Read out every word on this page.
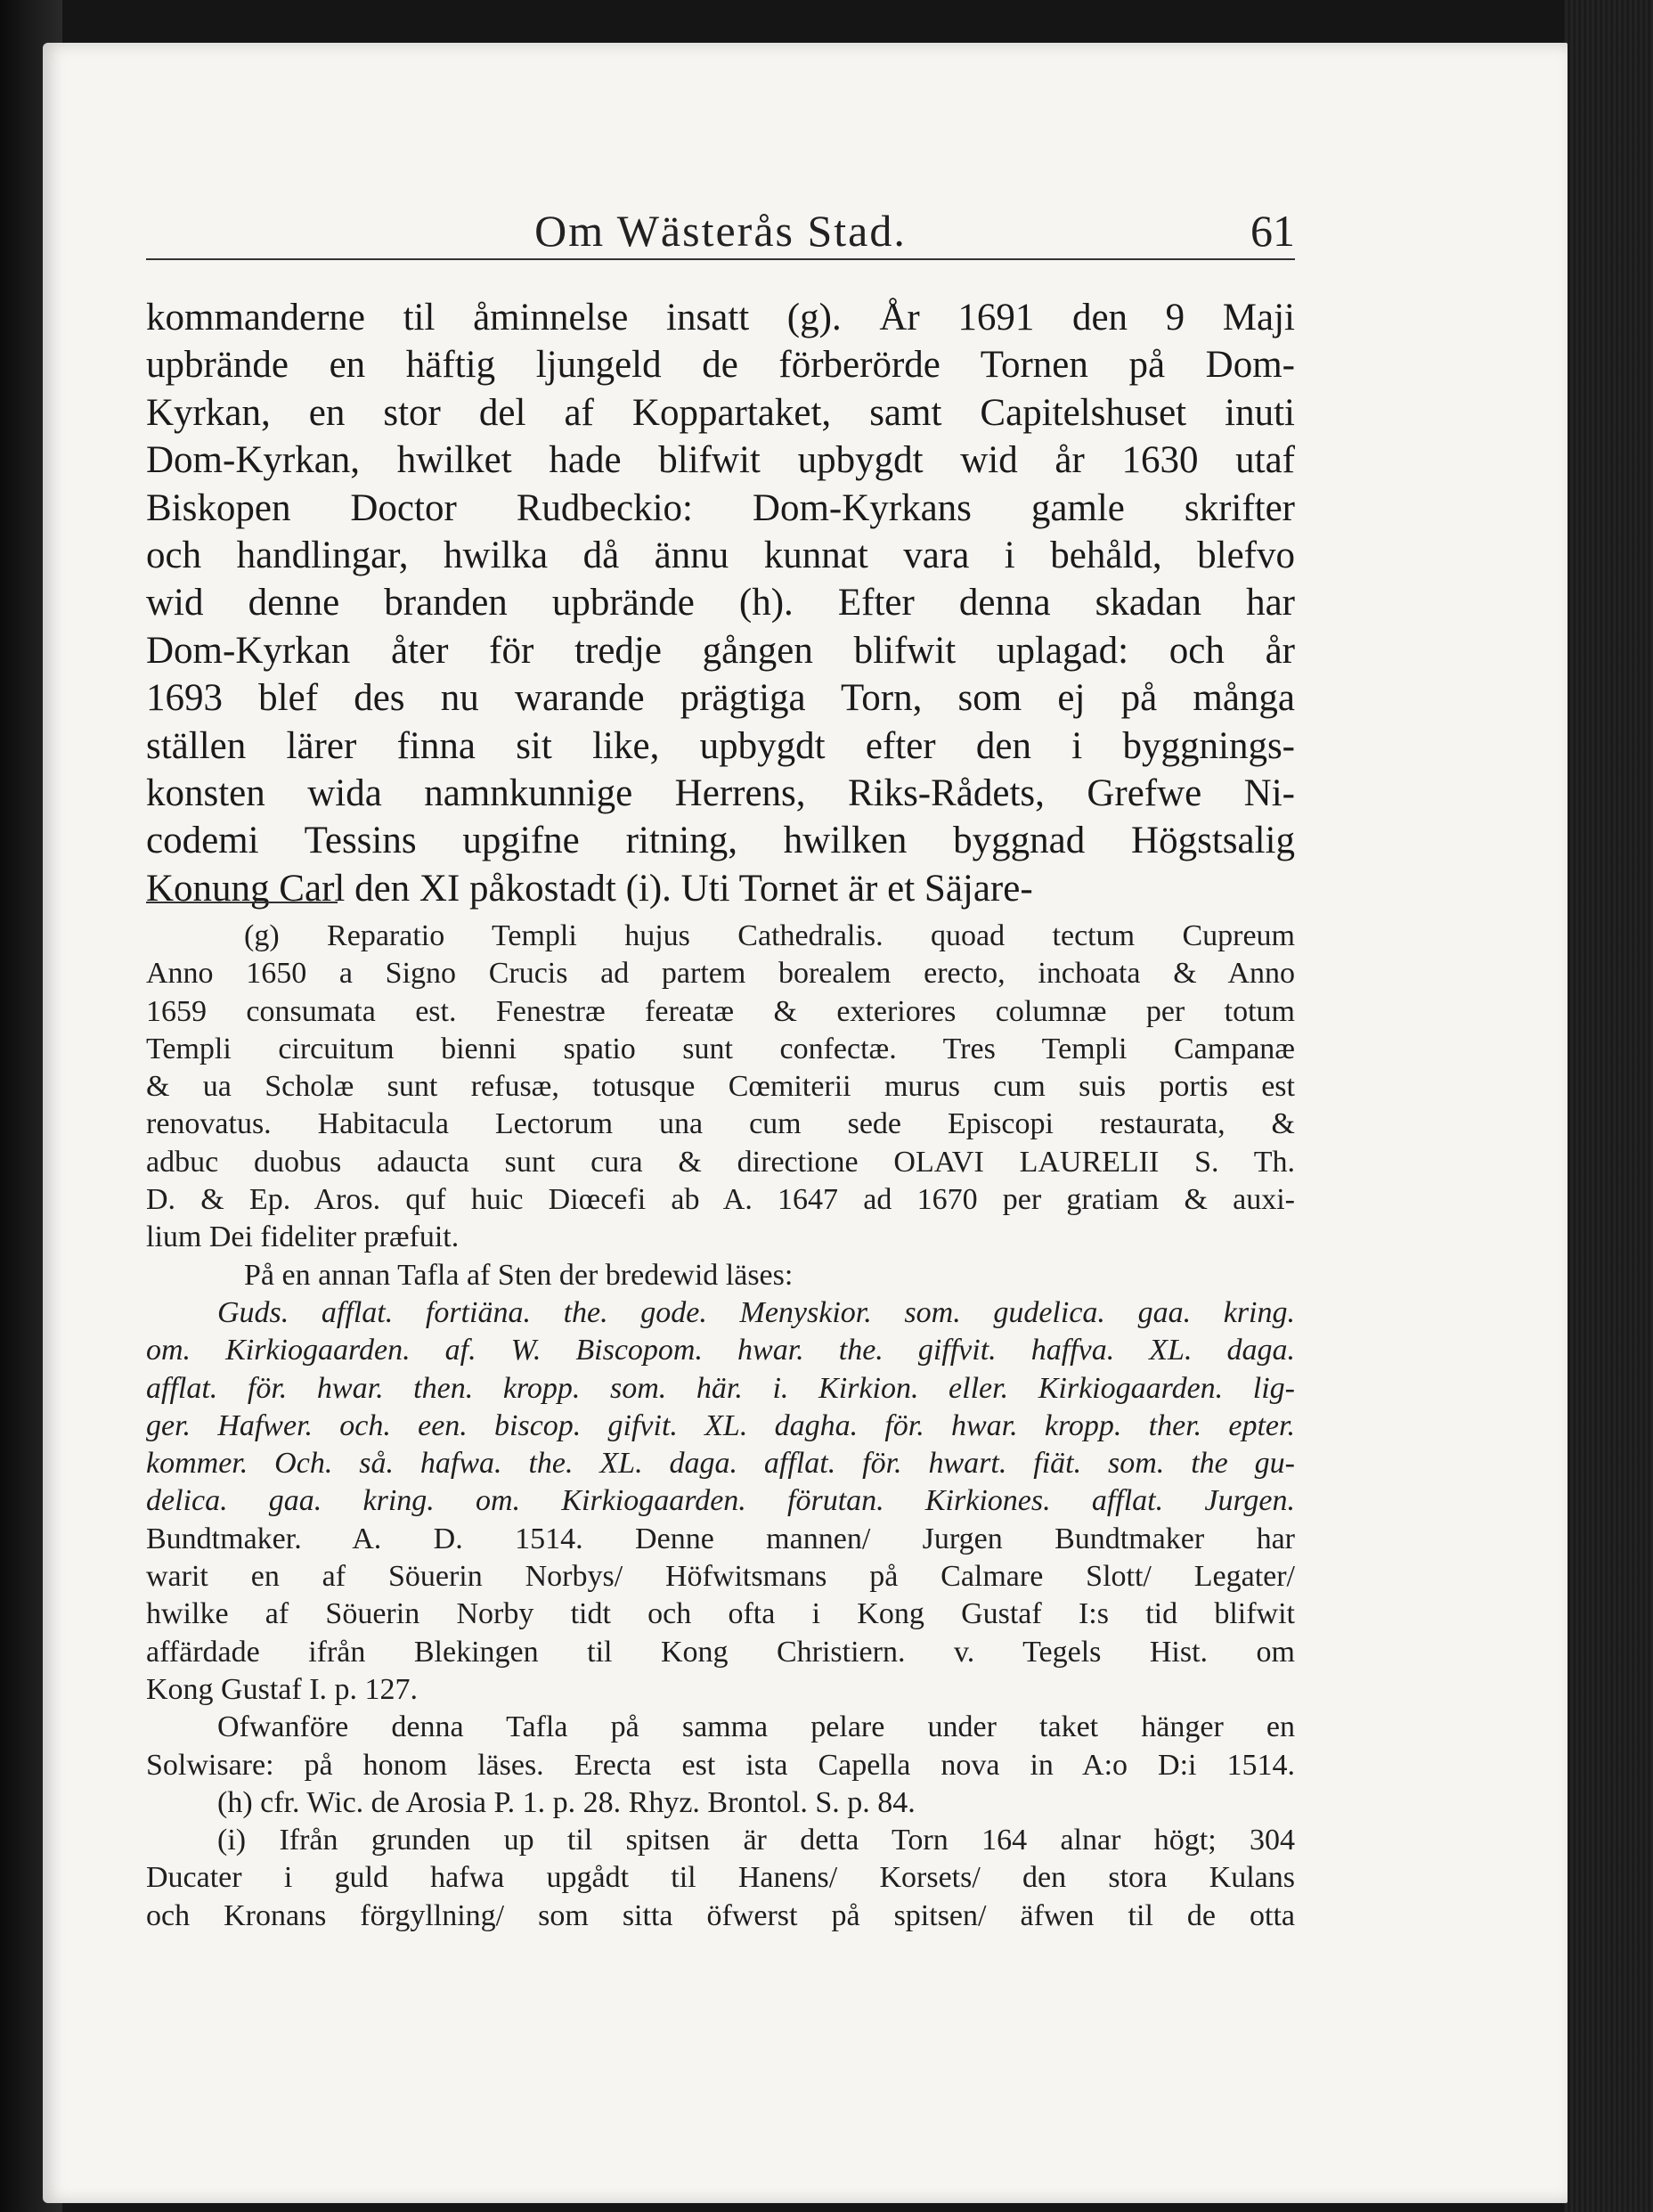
Om Wästerås Stad.	61
kommanderne til åminnelse insatt (g). År 1691 den 9 Maji
upbrände en häftig ljungeld de förberörde Tornen på Dom-
Kyrkan, en stor del af Koppartaket, samt Capitelshuset inuti
Dom-Kyrkan, hwilket hade blifwit upbygdt wid år 1630 utaf
Biskopen Doctor Rudbeckio: Dom-Kyrkans gamle skrifter
och handlingar, hwilka då ännu kunnat vara i behåld, blefvo
wid denne branden upbrände (h). Efter denna skadan har
Dom-Kyrkan åter för tredje gången blifwit uplagad: och år
1693 blef des nu warande prägtiga Torn, som ej på många
ställen lärer finna sit like, upbygdt efter den i byggnings-
konsten wida namnkunnige Herrens, Riks-Rådets, Grefwe Ni-
codemi Tessins upgifne ritning, hwilken byggnad Högstsalig
Konung Carl den XI påkostadt (i). Uti Tornet är et Säjare-
(g) Reparatio Templi hujus Cathedralis. quoad tectum Cupreum
Anno 1650 a Signo Crucis ad partem borealem erecto, inchoata & Anno
1659 consumata est. Fenestræ fereatæ & exteriores columnæ per totum
Templi circuitum bienni spatio sunt confectæ. Tres Templi Campanæ
& ua Scholæ sunt refusæ, totusque Cœmiterii murus cum suis portis est
renovatus. Habitacula Lectorum una cum sede Episcopi restaurata, &
adbuc duobus adaucta sunt cura & directione OLAVI LAURELII S. Th.
D. & Ep. Aros. quf huic Diœcefi ab A. 1647 ad 1670 per gratiam & auxi-
lium Dei fideliter præfuit.
På en annan Tafla af Sten der bredewid läses:
Guds. afflat. fortiäna. the. gode. Menyskior. som. gudelica. gaa. kring.
om. Kirkiogaarden. af. W. Biscopom. hwar. the. giffvit. haffva. XL. daga.
afflat. för. hwar. then. kropp. som. här. i. Kirkion. eller. Kirkiogaarden. lig-
ger. Hafwer. och. een. biscop. gifvit. XL. dagha. för. hwar. kropp. ther. epter.
kommer. Och. så. hafwa. the. XL. daga. afflat. för. hwart. fiät. som. the gu-
delica. gaa. kring. om. Kirkiogaarden. förutan. Kirkiones. afflat. Jurgen.
Bundtmaker. A. D. 1514. Denne mannen/ Jurgen Bundtmaker har
warit en af Söuerin Norbys/ Höfwitsmans på Calmare Slott/ Legater/
hwilke af Söuerin Norby tidt och ofta i Kong Gustaf I:s tid blifwit
affärdade ifrån Blekingen til Kong Christiern. v. Tegels Hist. om
Kong Gustaf I. p. 127.
Ofwanföre denna Tafla på samma pelare under taket hänger en
Solwisare: på honom läses. Erecta est ista Capella nova in A:o D:i 1514.
(h) cfr. Wic. de Arosia P. 1. p. 28. Rhyz. Brontol. S. p. 84.
(i) Ifrån grunden up til spitsen är detta Torn 164 alnar högt; 304
Ducater i guld hafwa upgådt til Hanens/ Korsets/ den stora Kulans
och Kronans förgyllning/ som sitta öfwerst på spitsen/ äfwen til de otta
